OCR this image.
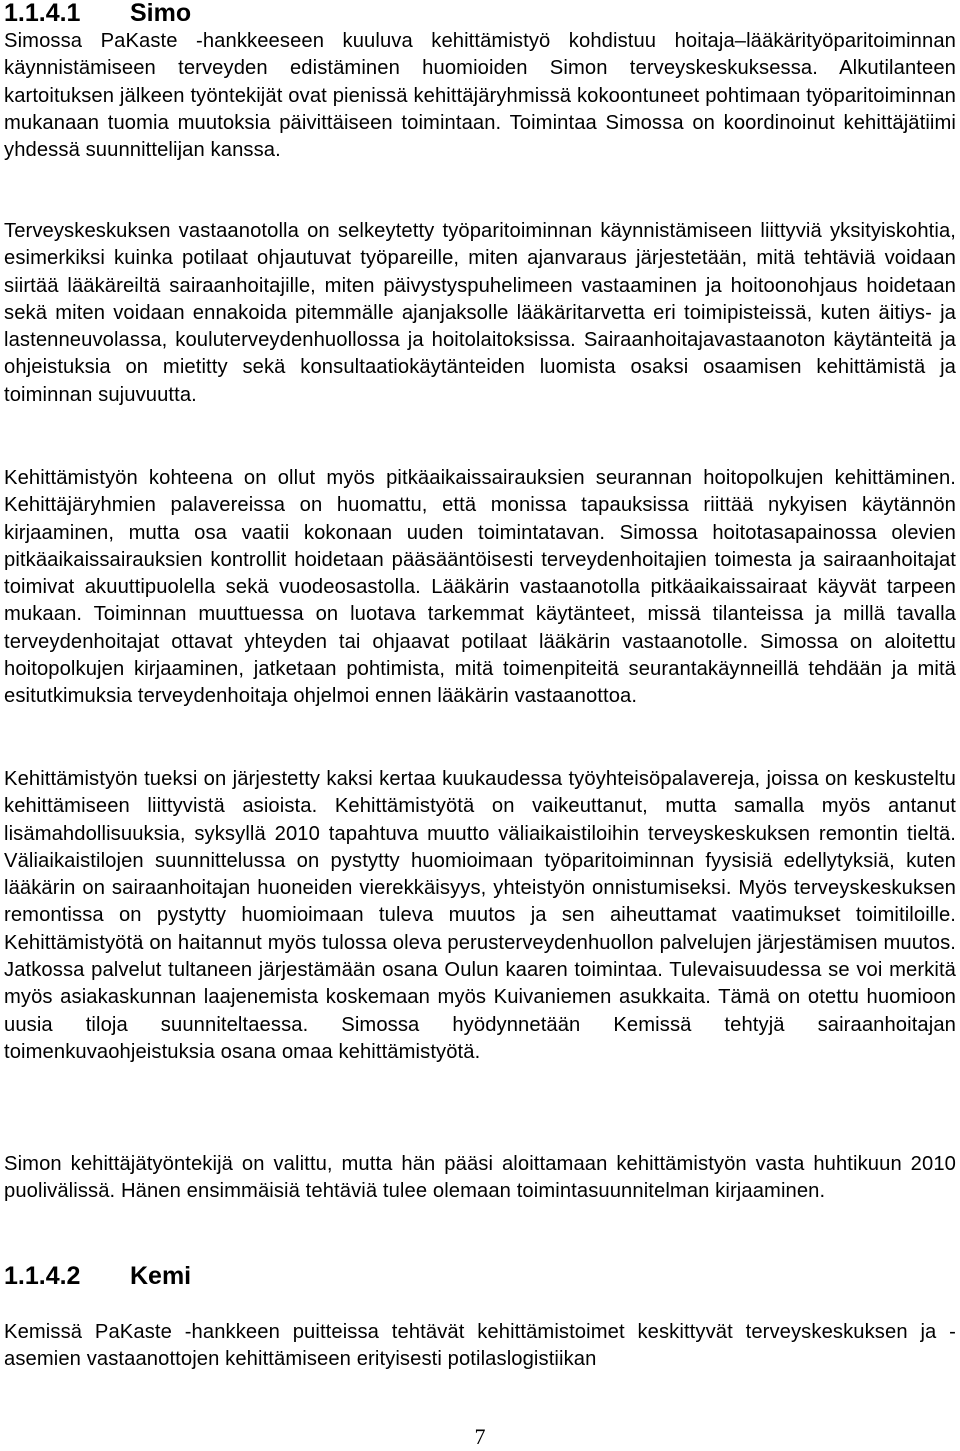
1.1.4.1	Simo

Simossa PaKaste -hankkeeseen kuuluva kehittämistyö kohdistuu hoitaja–lääkärityöparitoiminnan käynnistämiseen terveyden edistäminen huomioiden Simon terveyskeskuksessa. Alkutilanteen kartoituksen jälkeen työntekijät ovat pienissä kehittäjäryhmissä kokoontuneet pohtimaan työparitoiminnan mukanaan tuomia muutoksia päivittäiseen toimintaan. Toimintaa Simossa on koordinoinut kehittäjätiimi yhdessä suunnittelijan kanssa.

Terveyskeskuksen vastaanotolla on selkeytetty työparitoiminnan käynnistämiseen liittyviä yksityiskohtia, esimerkiksi kuinka potilaat ohjautuvat työpareille, miten ajanvaraus järjestetään, mitä tehtäviä voidaan siirtää lääkäreiltä sairaanhoitajille, miten päivystyspuhelimeen vastaaminen ja hoitoonohjaus hoidetaan sekä miten voidaan ennakoida pitemmälle ajanjaksolle lääkäritarvetta eri toimipisteissä, kuten äitiys- ja lastenneuvolassa, kouluterveydenhuollossa ja hoitolaitoksissa. Sairaanhoitajavastaanoton käytänteitä ja ohjeistuksia on mietitty sekä konsultaatiokäytänteiden luomista osaksi osaamisen kehittämistä ja toiminnan sujuvuutta.

Kehittämistyön kohteena on ollut myös pitkäaikaissairauksien seurannan hoitopolkujen kehittäminen. Kehittäjäryhmien palavereissa on huomattu, että monissa tapauksissa riittää nykyisen käytännön kirjaaminen, mutta osa vaatii kokonaan uuden toimintatavan. Simossa hoitotasapainossa olevien pitkäaikaissairauksien kontrollit hoidetaan pääsääntöisesti terveydenhoitajien toimesta ja sairaanhoitajat toimivat akuuttipuolella sekä vuodeosastolla. Lääkärin vastaanotolla pitkäaikaissairaat käyvät tarpeen mukaan. Toiminnan muuttuessa on luotava tarkemmat käytänteet, missä tilanteissa ja millä tavalla terveydenhoitajat ottavat yhteyden tai ohjaavat potilaat lääkärin vastaanotolle. Simossa on aloitettu hoitopolkujen kirjaaminen, jatketaan pohtimista, mitä toimenpiteitä seurantakäynneillä tehdään ja mitä esitutkimuksia terveydenhoitaja ohjelmoi ennen lääkärin vastaanottoa.

Kehittämistyön tueksi on järjestetty kaksi kertaa kuukaudessa työyhteisöpalavereja, joissa on keskusteltu kehittämiseen liittyvistä asioista. Kehittämistyötä on vaikeuttanut, mutta samalla myös antanut lisämahdollisuuksia, syksyllä 2010 tapahtuva muutto väliaikaistiloihin terveyskeskuksen remontin tieltä. Väliaikaistilojen suunnittelussa on pystytty huomioimaan työparitoiminnan fyysisiä edellytyksiä, kuten lääkärin on sairaanhoitajan huoneiden vierekkäisyys, yhteistyön onnistumiseksi. Myös terveyskeskuksen remontissa on pystytty huomioimaan tuleva muutos ja sen aiheuttamat vaatimukset toimitiloille. Kehittämistyötä on haitannut myös tulossa oleva perusterveydenhuollon palvelujen järjestämisen muutos. Jatkossa palvelut tultaneen järjestämään osana Oulun kaaren toimintaa. Tulevaisuudessa se voi merkitä myös asiakaskunnan laajenemista koskemaan myös Kuivaniemen asukkaita. Tämä on otettu huomioon uusia tiloja suunniteltaessa. Simossa hyödynnetään Kemissä tehtyjä sairaanhoitajan toimenkuvaohjeistuksia osana omaa kehittämistyötä.

Simon kehittäjätyöntekijä on valittu, mutta hän pääsi aloittamaan kehittämistyön vasta huhtikuun 2010 puolivälissä. Hänen ensimmäisiä tehtäviä tulee olemaan toimintasuunnitelman kirjaaminen.

1.1.4.2	Kemi

Kemissä PaKaste -hankkeen puitteissa tehtävät kehittämistoimet keskittyvät terveyskeskuksen ja -asemien vastaanottojen kehittämiseen erityisesti potilaslogistiikan

7
